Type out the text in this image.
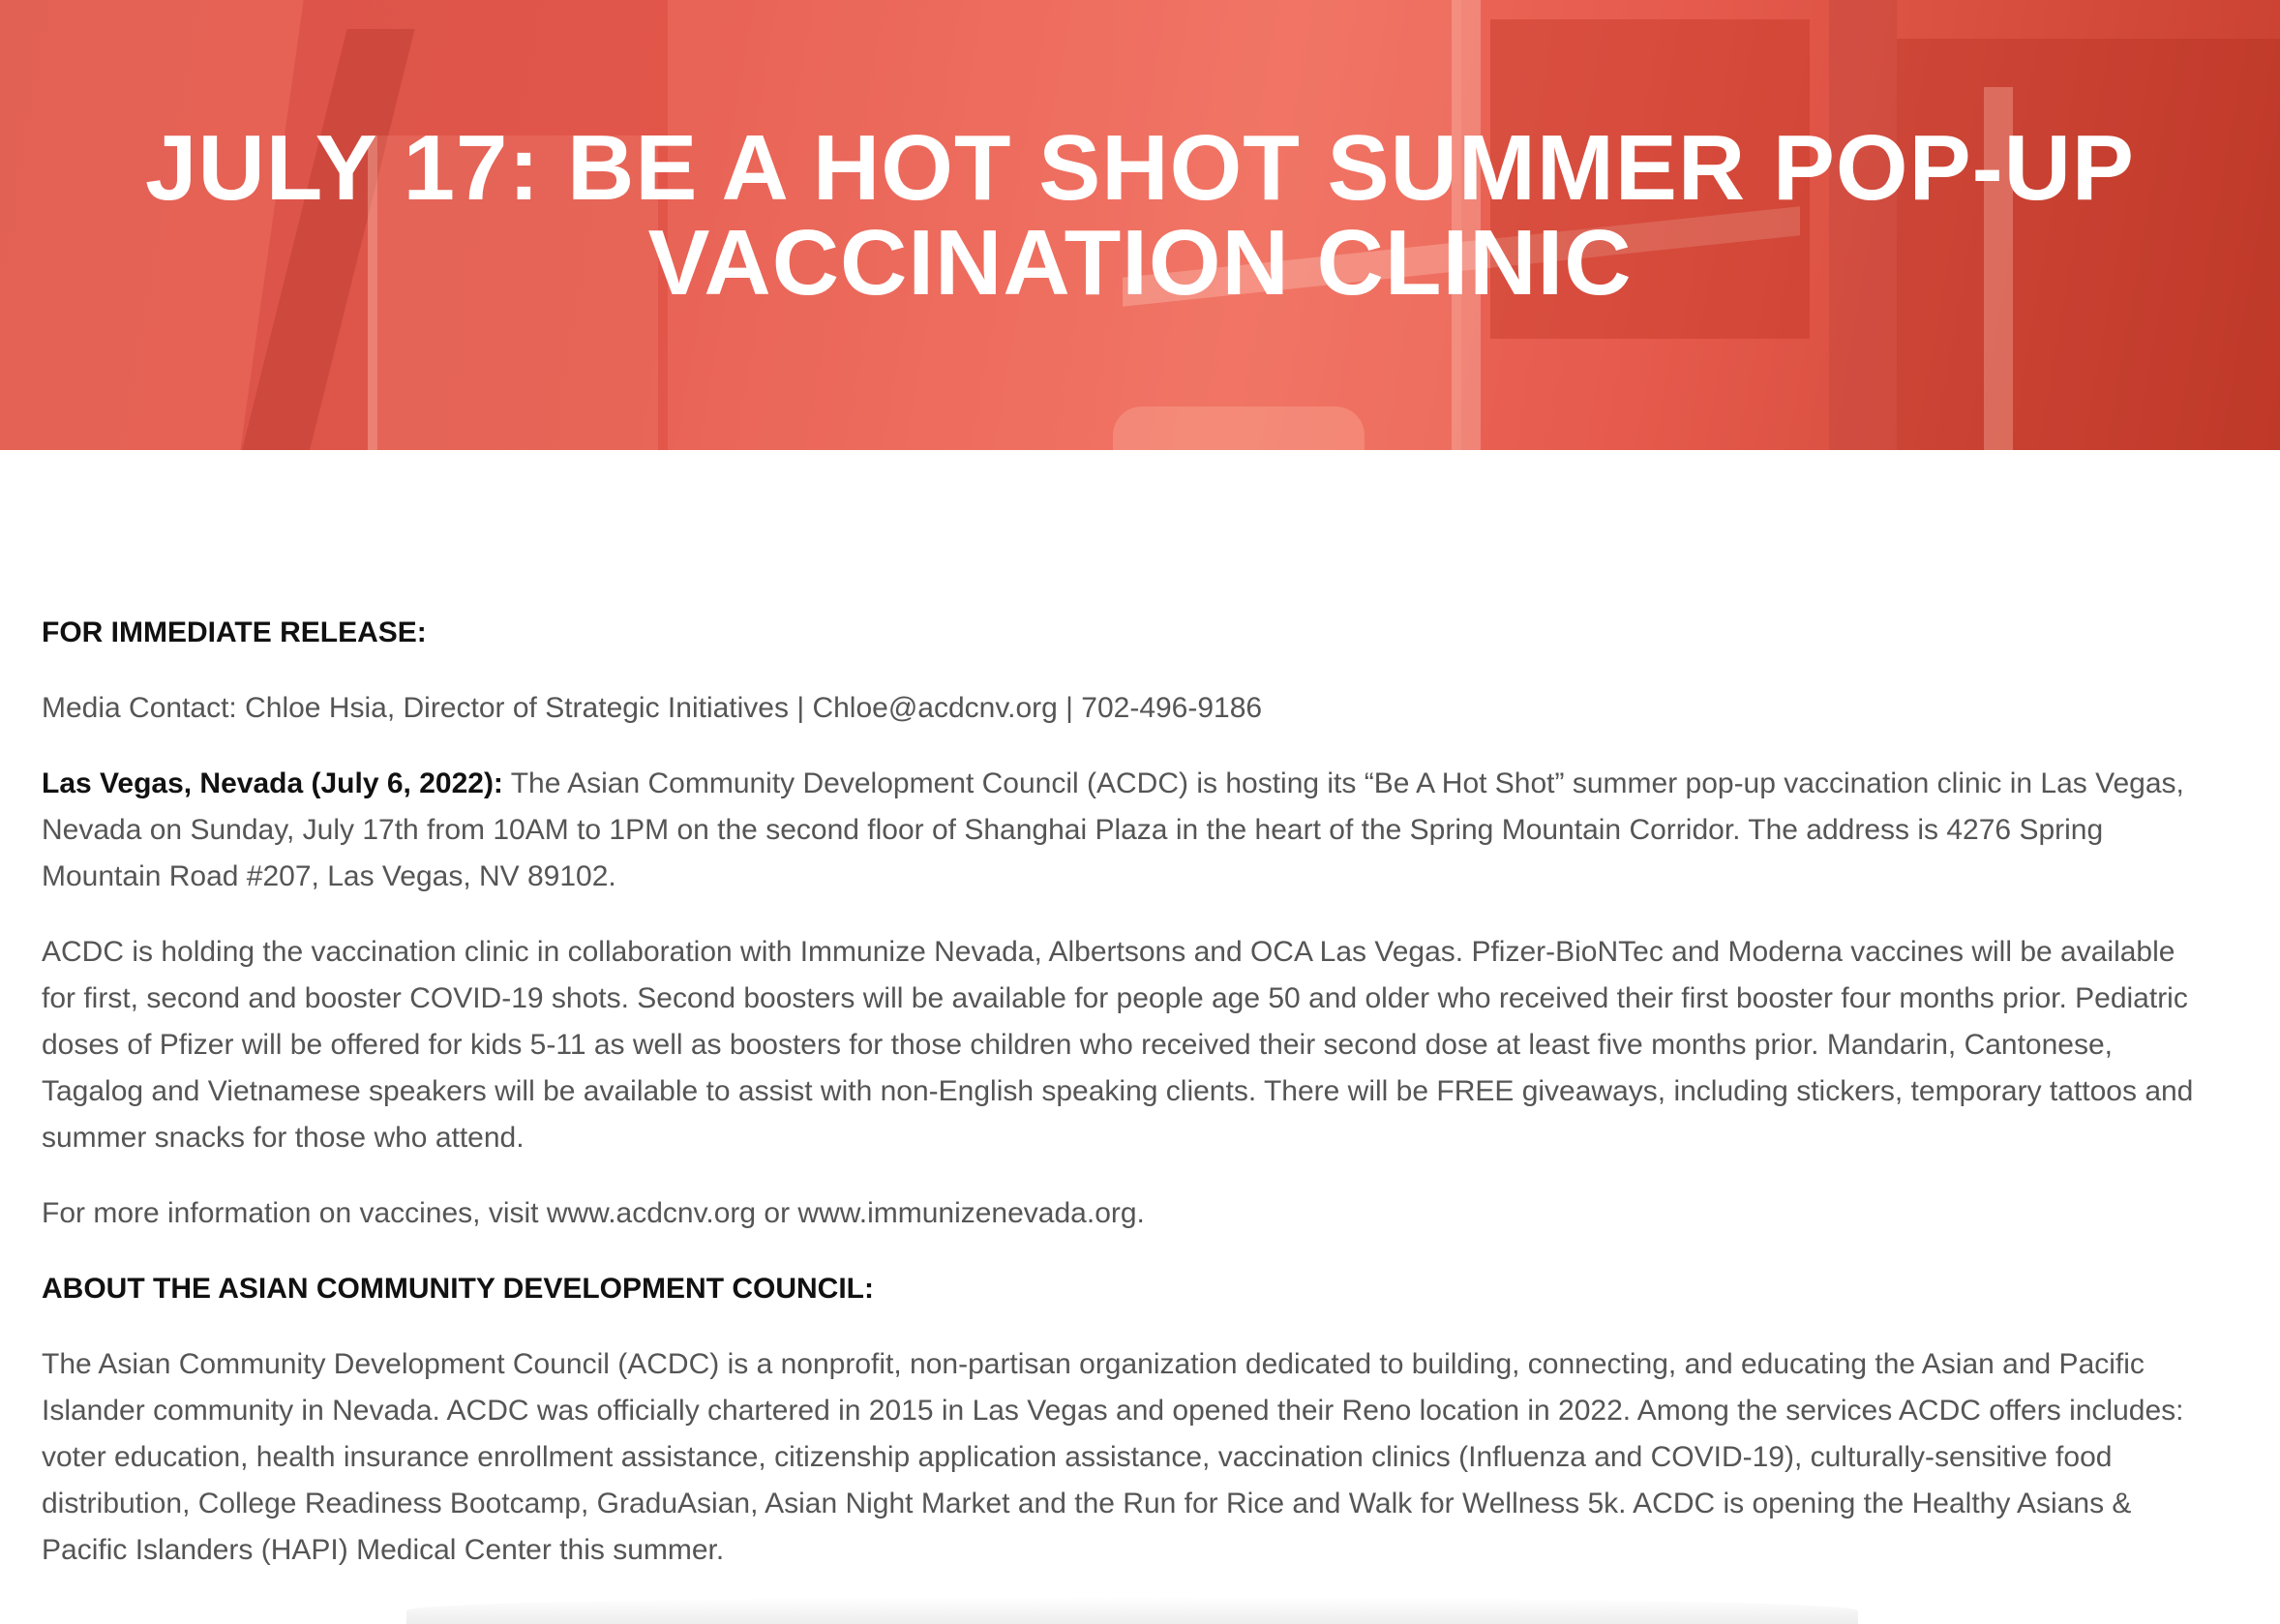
JULY 17: BE A HOT SHOT SUMMER POP-UP
VACCINATION CLINIC

FOR IMMEDIATE RELEASE:

Media Contact: Chloe Hsia, Director of Strategic Initiatives | Chloe@acdcnv.org | 702-496-9186

Las Vegas, Nevada (July 6, 2022): The Asian Community Development Council (ACDC) is hosting its “Be A Hot Shot” summer pop-up vaccination clinic in Las Vegas, Nevada on Sunday, July 17th from 10AM to 1PM on the second floor of Shanghai Plaza in the heart of the Spring Mountain Corridor. The address is 4276 Spring Mountain Road #207, Las Vegas, NV 89102.

ACDC is holding the vaccination clinic in collaboration with Immunize Nevada, Albertsons and OCA Las Vegas. Pfizer-BioNTec and Moderna vaccines will be available for first, second and booster COVID-19 shots. Second boosters will be available for people age 50 and older who received their first booster four months prior. Pediatric doses of Pfizer will be offered for kids 5-11 as well as boosters for those children who received their second dose at least five months prior. Mandarin, Cantonese, Tagalog and Vietnamese speakers will be available to assist with non-English speaking clients. There will be FREE giveaways, including stickers, temporary tattoos and summer snacks for those who attend.

For more information on vaccines, visit www.acdcnv.org or www.immunizenevada.org.

ABOUT THE ASIAN COMMUNITY DEVELOPMENT COUNCIL:

The Asian Community Development Council (ACDC) is a nonprofit, non-partisan organization dedicated to building, connecting, and educating the Asian and Pacific Islander community in Nevada. ACDC was officially chartered in 2015 in Las Vegas and opened their Reno location in 2022. Among the services ACDC offers includes: voter education, health insurance enrollment assistance, citizenship application assistance, vaccination clinics (Influenza and COVID-19), culturally-sensitive food distribution, College Readiness Bootcamp, GraduAsian, Asian Night Market and the Run for Rice and Walk for Wellness 5k. ACDC is opening the Healthy Asians & Pacific Islanders (HAPI) Medical Center this summer.
